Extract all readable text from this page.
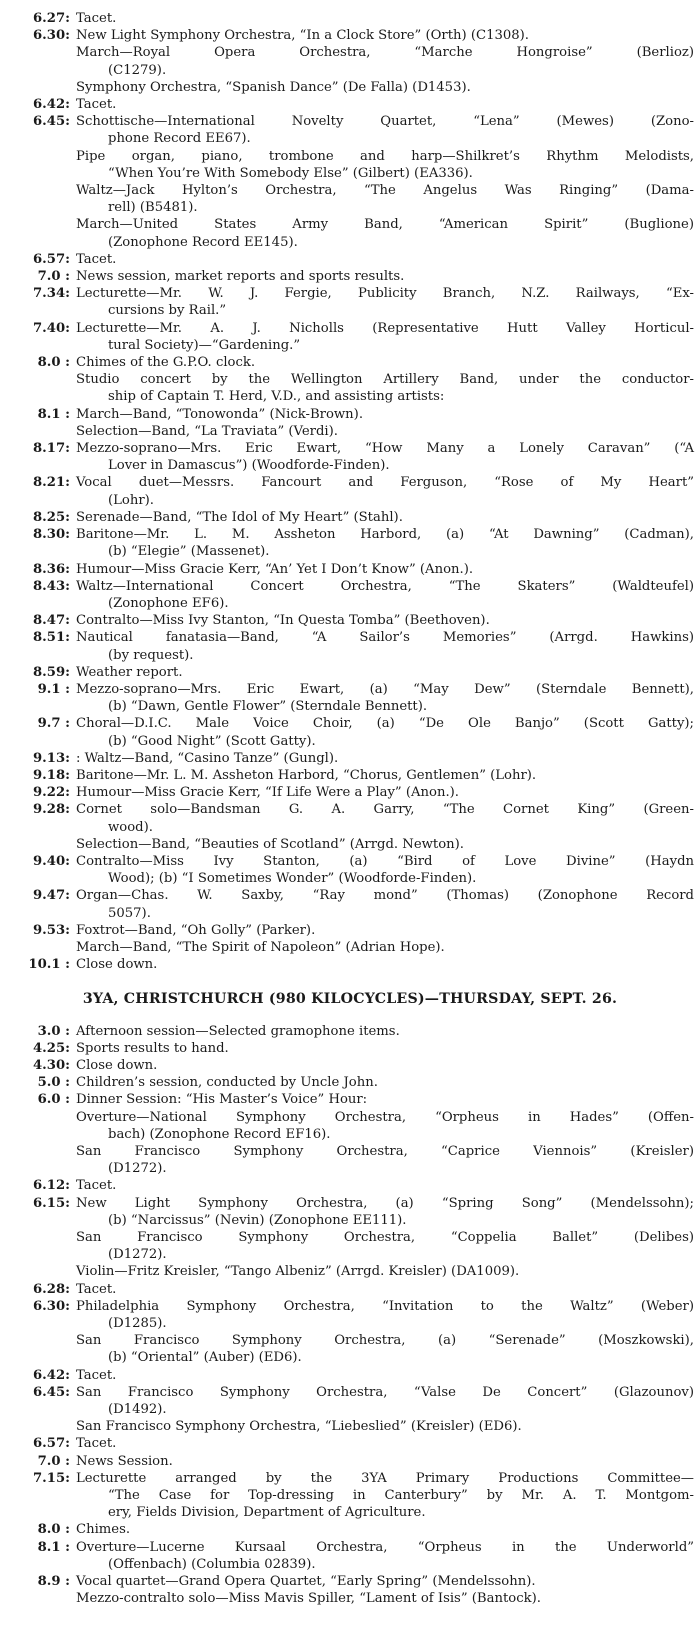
6.27: Tacet.
6.30: New Light Symphony Orchestra, “In a Clock Store” (Orth) (C1308).
March—Royal Opera Orchestra, “Marche Hongroise” (Berlioz)
(C1279).
Symphony Orchestra, “Spanish Dance” (De Falla) (D1453).
6.42: Tacet.
6.45: Schottische—International Novelty Quartet, “Lena” (Mewes) (Zono-
phone Record EE67).
Pipe organ, piano, trombone and harp—Shilkret’s Rhythm Melodists,
“When You’re With Somebody Else” (Gilbert) (EA336).
Waltz—Jack Hylton’s Orchestra, “The Angelus Was Ringing” (Dama-
rell) (B5481).
March—United States Army Band, “American Spirit” (Buglione)
(Zonophone Record EE145).
6.57: Tacet.
7.0 : News session, market reports and sports results.
7.34: Lecturette—Mr. W. J. Fergie, Publicity Branch, N.Z. Railways, “Ex-
cursions by Rail.”
7.40: Lecturette—Mr. A. J. Nicholls (Representative Hutt Valley Horticul-
tural Society)—“Gardening.”
8.0 : Chimes of the G.P.O. clock.
Studio concert by the Wellington Artillery Band, under the conductor-
ship of Captain T. Herd, V.D., and assisting artists:
8.1 : March—Band, “Tonowonda” (Nick-Brown).
Selection—Band, “La Traviata” (Verdi).
8.17: Mezzo-soprano—Mrs. Eric Ewart, “How Many a Lonely Caravan” (“A
Lover in Damascus”) (Woodforde-Finden).
8.21: Vocal duet—Messrs. Fancourt and Ferguson, “Rose of My Heart”
(Lohr).
8.25: Serenade—Band, “The Idol of My Heart” (Stahl).
8.30: Baritone—Mr. L. M. Assheton Harbord, (a) “At Dawning” (Cadman),
(b) “Elegie” (Massenet).
8.36: Humour—Miss Gracie Kerr, “An’ Yet I Don’t Know” (Anon.).
8.43: Waltz—International Concert Orchestra, “The Skaters” (Waldteufel)
(Zonophone EF6).
8.47: Contralto—Miss Ivy Stanton, “In Questa Tomba” (Beethoven).
8.51: Nautical fanatasia—Band, “A Sailor’s Memories” (Arrgd. Hawkins)
(by request).
8.59: Weather report.
9.1 : Mezzo-soprano—Mrs. Eric Ewart, (a) “May Dew” (Sterndale Bennett),
(b) “Dawn, Gentle Flower” (Sterndale Bennett).
9.7 : Choral—D.I.C. Male Voice Choir, (a) “De Ole Banjo” (Scott Gatty);
(b) “Good Night” (Scott Gatty).
9.13: : Waltz—Band, “Casino Tanze” (Gungl).
9.18: Baritone—Mr. L. M. Assheton Harbord, “Chorus, Gentlemen” (Lohr).
9.22: Humour—Miss Gracie Kerr, “If Life Were a Play” (Anon.).
9.28: Cornet solo—Bandsman G. A. Garry, “The Cornet King” (Green-
wood).
Selection—Band, “Beauties of Scotland” (Arrgd. Newton).
9.40: Contralto—Miss Ivy Stanton, (a) “Bird of Love Divine” (Haydn
Wood); (b) “I Sometimes Wonder” (Woodforde-Finden).
9.47: Organ—Chas. W. Saxby, “Ray mond” (Thomas) (Zonophone Record
5057).
9.53: Foxtrot—Band, “Oh Golly” (Parker).
March—Band, “The Spirit of Napoleon” (Adrian Hope).
10.1 : Close down.
3YA, CHRISTCHURCH (980 KILOCYCLES)—THURSDAY, SEPT. 26.
3.0 : Afternoon session—Selected gramophone items.
4.25: Sports results to hand.
4.30: Close down.
5.0 : Children’s session, conducted by Uncle John.
6.0 : Dinner Session: “His Master’s Voice” Hour:
Overture—National Symphony Orchestra, “Orpheus in Hades” (Offen-
bach) (Zonophone Record EF16).
San Francisco Symphony Orchestra, “Caprice Viennois” (Kreisler)
(D1272).
6.12: Tacet.
6.15: New Light Symphony Orchestra, (a) “Spring Song” (Mendelssohn);
(b) “Narcissus” (Nevin) (Zonophone EE111).
San Francisco Symphony Orchestra, “Coppelia Ballet” (Delibes)
(D1272).
Violin—Fritz Kreisler, “Tango Albeniz” (Arrgd. Kreisler) (DA1009).
6.28: Tacet.
6.30: Philadelphia Symphony Orchestra, “Invitation to the Waltz” (Weber)
(D1285).
San Francisco Symphony Orchestra, (a) “Serenade” (Moszkowski),
(b) “Oriental” (Auber) (ED6).
6.42: Tacet.
6.45: San Francisco Symphony Orchestra, “Valse De Concert” (Glazounov)
(D1492).
San Francisco Symphony Orchestra, “Liebeslied” (Kreisler) (ED6).
6.57: Tacet.
7.0 : News Session.
7.15: Lecturette arranged by the 3YA Primary Productions Committee—
“The Case for Top-dressing in Canterbury” by Mr. A. T. Montgom-
ery, Fields Division, Department of Agriculture.
8.0 : Chimes.
8.1 : Overture—Lucerne Kursaal Orchestra, “Orpheus in the Underworld”
(Offenbach) (Columbia 02839).
8.9 : Vocal quartet—Grand Opera Quartet, “Early Spring” (Mendelssohn).
Mezzo-contralto solo—Miss Mavis Spiller, “Lament of Isis” (Bantock).
